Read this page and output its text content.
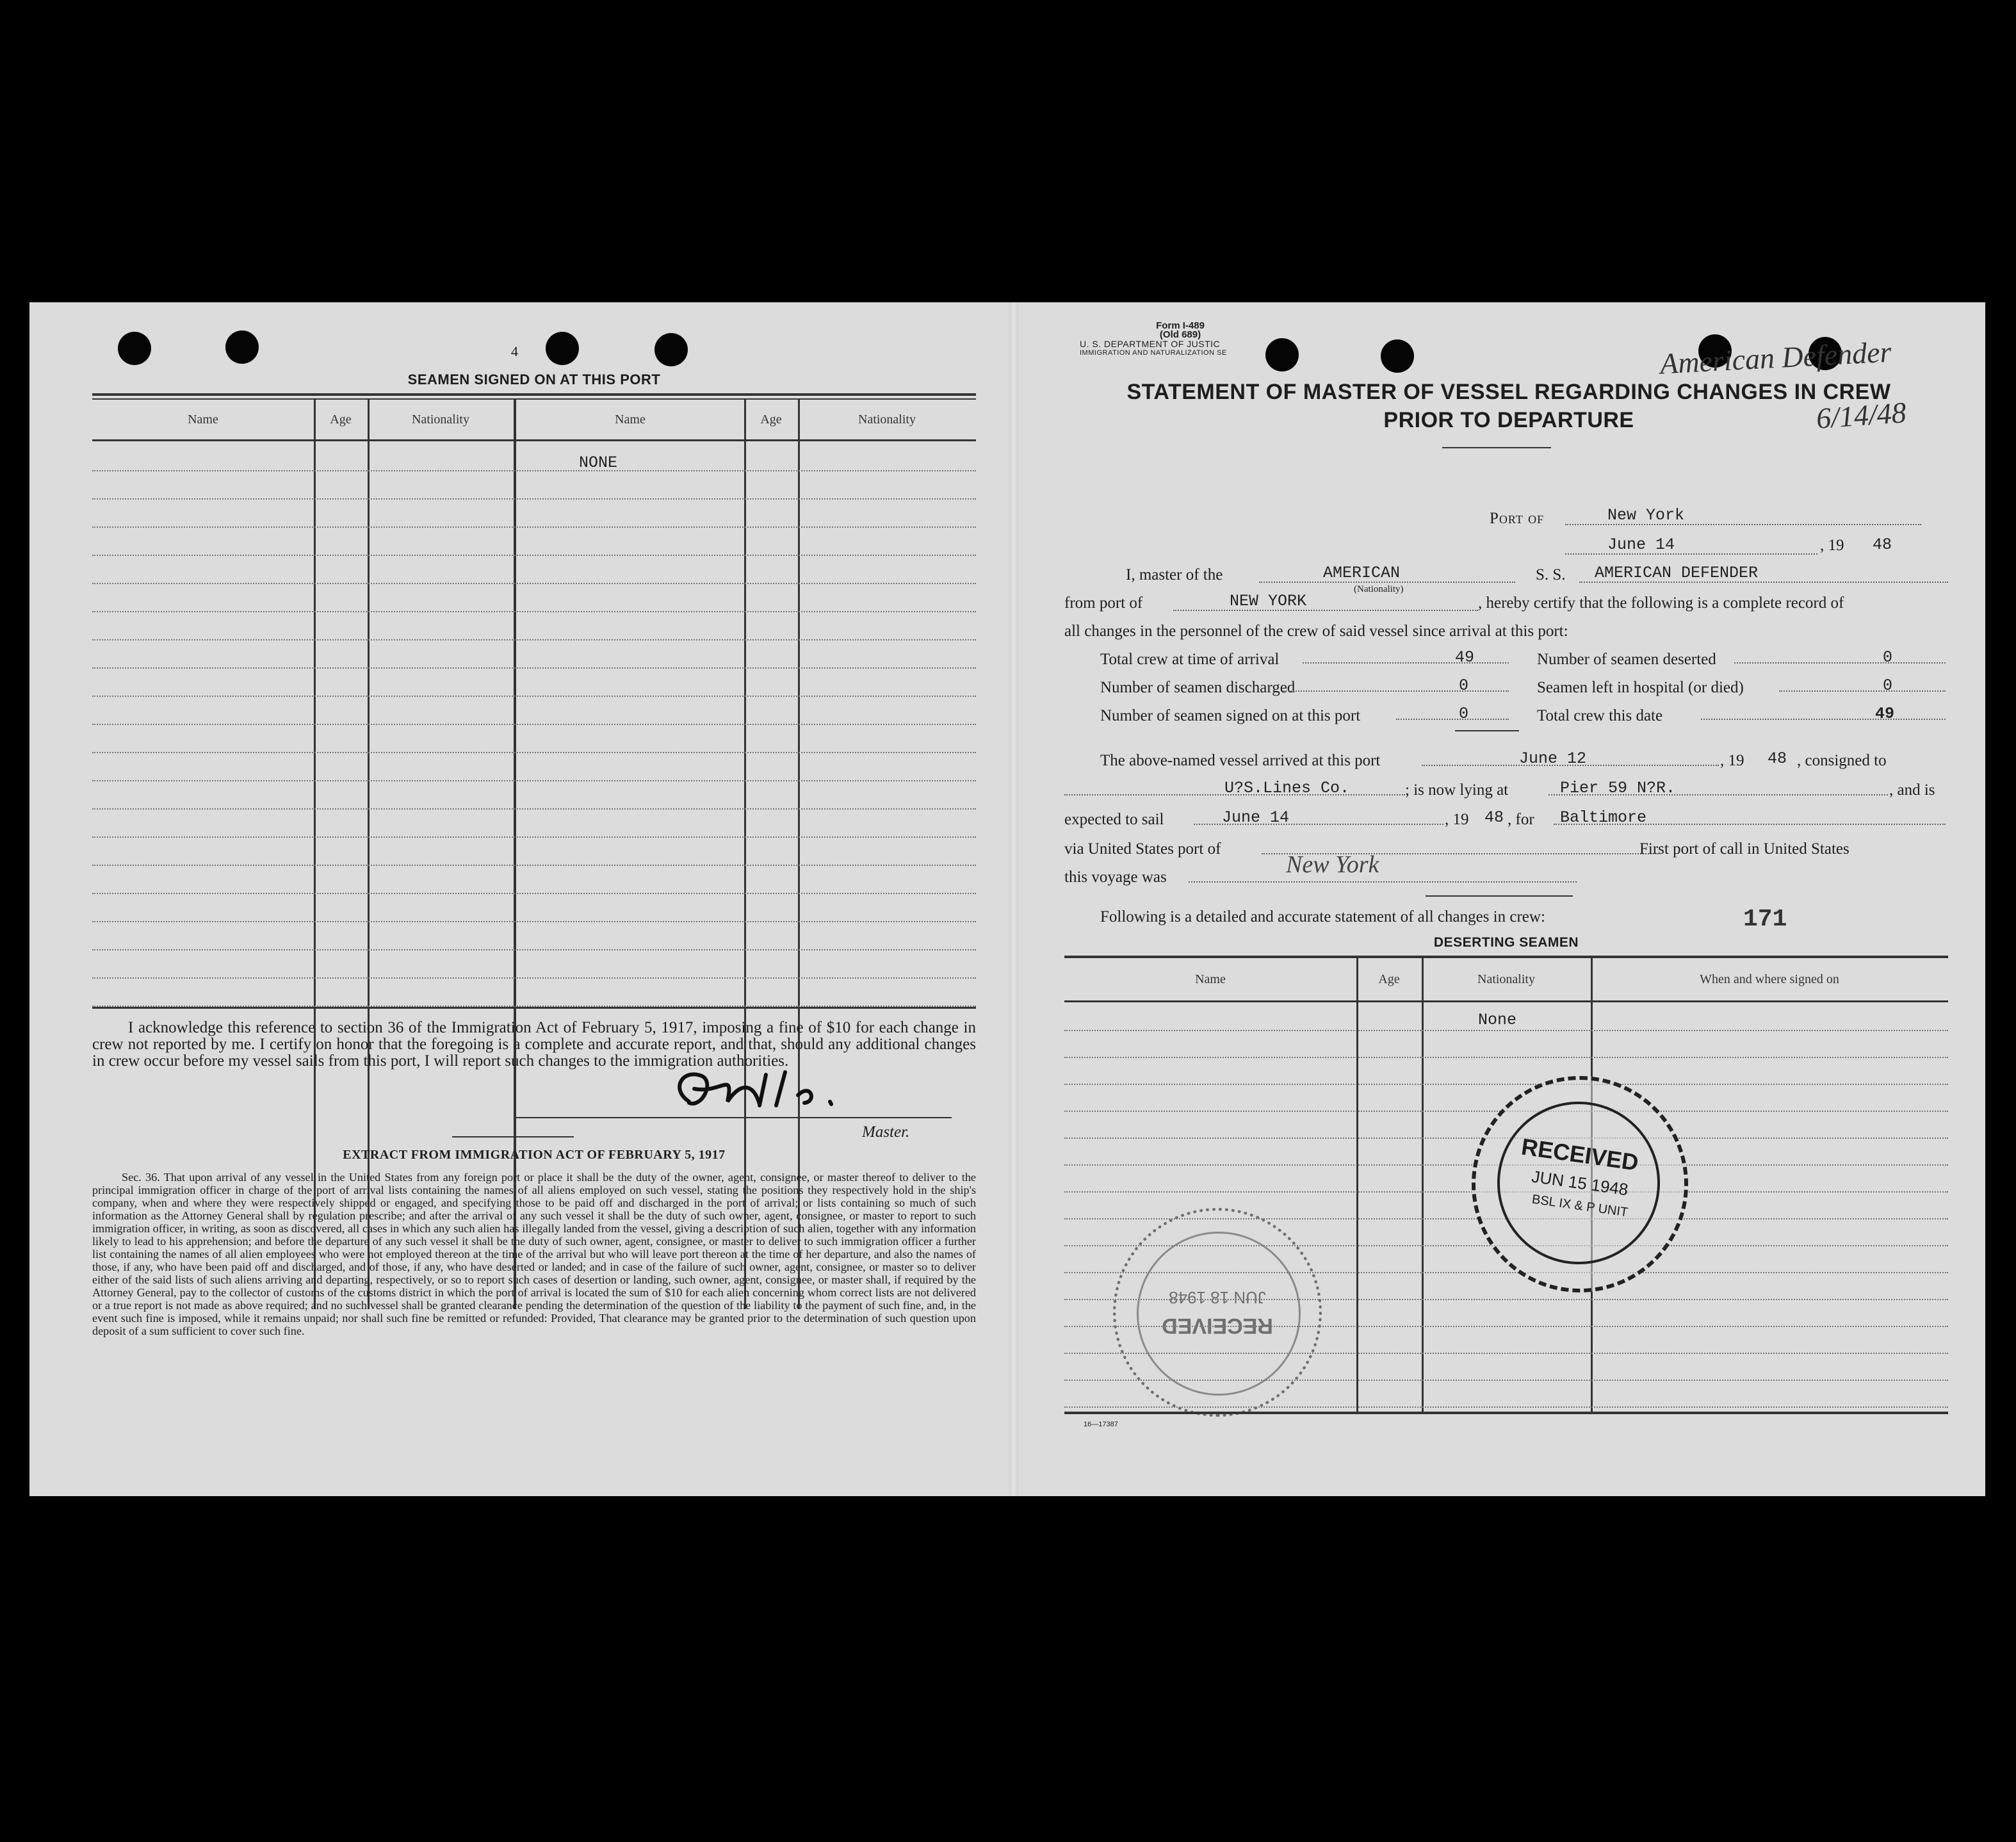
4
SEAMEN SIGNED ON AT THIS PORT
Name	Age	Nationality	Name	Age	Nationality
NONE
I acknowledge this reference to section 36 of the Immigration Act of February 5, 1917, imposing a fine of $10 for each change in crew not reported by me. I certify on honor that the foregoing is a complete and accurate report, and that, should any additional changes in crew occur before my vessel sails from this port, I will report such changes to the immigration authorities.
Master.
EXTRACT FROM IMMIGRATION ACT OF FEBRUARY 5, 1917
Sec. 36. That upon arrival of any vessel in the United States from any foreign port or place it shall be the duty of the owner, agent, consignee, or master thereof to deliver to the principal immigration officer in charge of the port of arrival lists containing the names of all aliens employed on such vessel, stating the positions they respectively hold in the ship's company, when and where they were respectively shipped or engaged, and specifying those to be paid off and discharged in the port of arrival; or lists containing so much of such information as the Attorney General shall by regulation prescribe; and after the arrival of any such vessel it shall be the duty of such owner, agent, consignee, or master to report to such immigration officer, in writing, as soon as discovered, all cases in which any such alien has illegally landed from the vessel, giving a description of such alien, together with any information likely to lead to his apprehension; and before the departure of any such vessel it shall be the duty of such owner, agent, consignee, or master to deliver to such immigration officer a further list containing the names of all alien employees who were not employed thereon at the time of the arrival but who will leave port thereon at the time of her departure, and also the names of those, if any, who have been paid off and discharged, and of those, if any, who have deserted or landed; and in case of the failure of such owner, agent, consignee, or master so to deliver either of the said lists of such aliens arriving and departing, respectively, or so to report such cases of desertion or landing, such owner, agent, consignee, or master shall, if required by the Attorney General, pay to the collector of customs of the customs district in which the port of arrival is located the sum of $10 for each alien concerning whom correct lists are not delivered or a true report is not made as above required; and no such vessel shall be granted clearance pending the determination of the question of the liability to the payment of such fine, and, in the event such fine is imposed, while it remains unpaid; nor shall such fine be remitted or refunded: Provided, That clearance may be granted prior to the determination of such question upon deposit of a sum sufficient to cover such fine.	RECEIVED
JUN 18 1948
Form I-489
(Old 689)
U. S. DEPARTMENT OF JUSTIC
IMMIGRATION AND NATURALIZATION SE
STATEMENT OF MASTER OF VESSEL REGARDING CHANGES IN CREW
PRIOR TO DEPARTURE
American Defender
6/14/48
Port of	New York
June 14	, 19 48
I, master of the	AMERICAN
(Nationality)
S. S. AMERICAN DEFENDER
from port of	NEW YORK	, hereby certify that the following is a complete record of
all changes in the personnel of the crew of said vessel since arrival at this port:
Total crew at time of arrival	49	Number of seamen deserted	0
Number of seamen discharged	0	Seamen left in hospital (or died)	0
Number of seamen signed on at this port	0	Total crew this date	49
The above-named vessel arrived at this port	June 12	, 19 48 , consigned to
U?S.Lines Co.	; is now lying at	Pier 59 N?R.	, and is
expected to sail	June 14	, 19 48 , for Baltimore
via United States port of	First port of call in United States
this voyage was	New York
Following is a detailed and accurate statement of all changes in crew:	171
DESERTING SEAMEN
Name	Age	Nationality	When and where signed on
None
16—17387
RECEIVED
JUN 15 1948
BSL IX & P UNIT
